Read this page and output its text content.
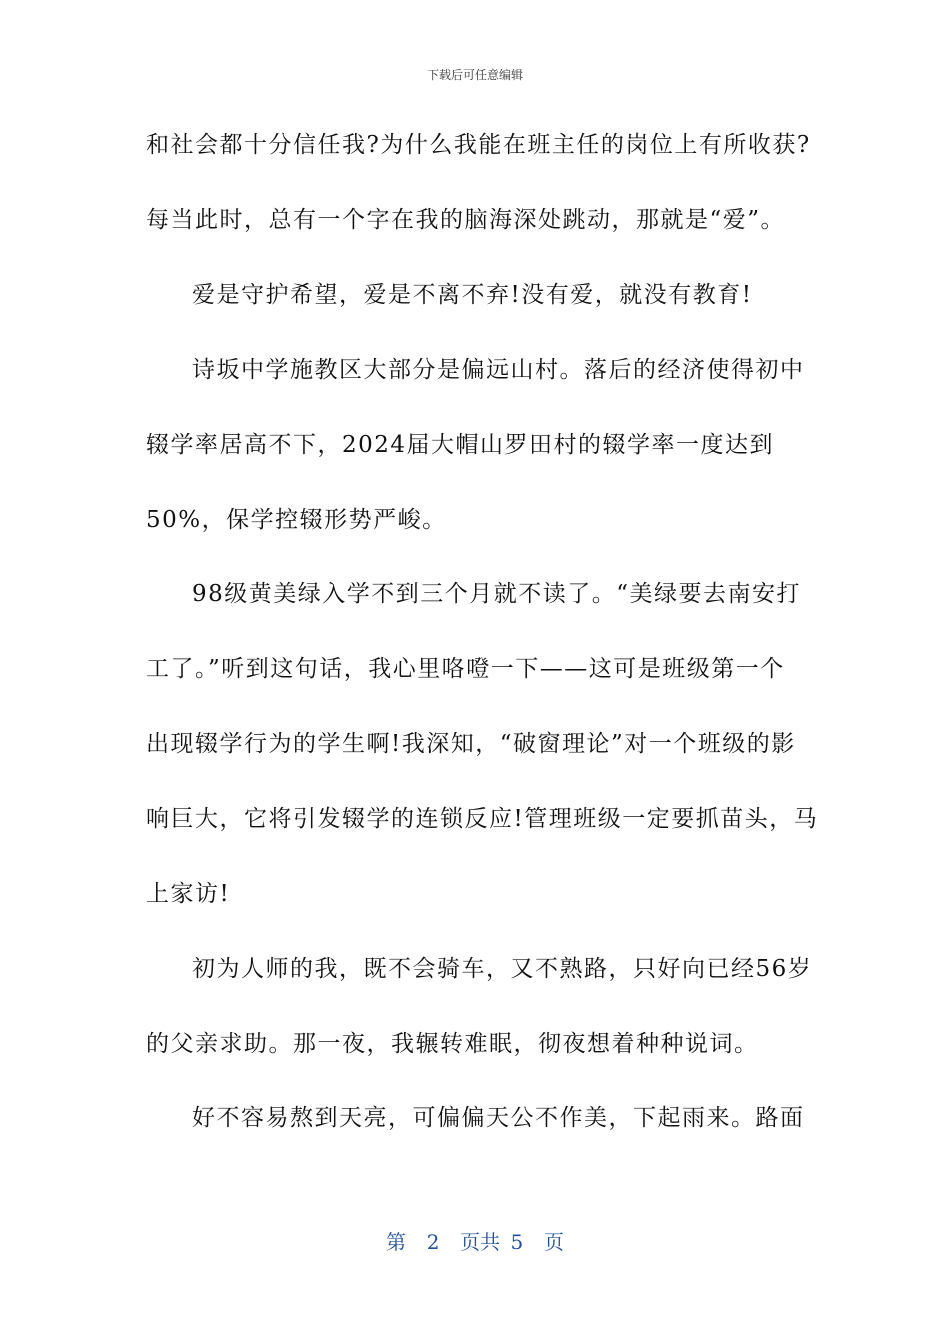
下载后可任意编辑
和社会都十分信任我?为什么我能在班主任的岗位上有所收获?
每当此时，总有一个字在我的脑海深处跳动，那就是“爱”。
爱是守护希望，爱是不离不弃!没有爱，就没有教育!
诗坂中学施教区大部分是偏远山村。落后的经济使得初中
辍学率居高不下，2024届大帽山罗田村的辍学率一度达到
50%，保学控辍形势严峻。
98级黄美绿入学不到三个月就不读了。“美绿要去南安打
工了。”听到这句话，我心里咯噔一下——这可是班级第一个
出现辍学行为的学生啊!我深知，“破窗理论”对一个班级的影
响巨大，它将引发辍学的连锁反应!管理班级一定要抓苗头，马
上家访!
初为人师的我，既不会骑车，又不熟路，只好向已经56岁
的父亲求助。那一夜，我辗转难眠，彻夜想着种种说词。
好不容易熬到天亮，可偏偏天公不作美，下起雨来。路面
第  2  页共 5  页
